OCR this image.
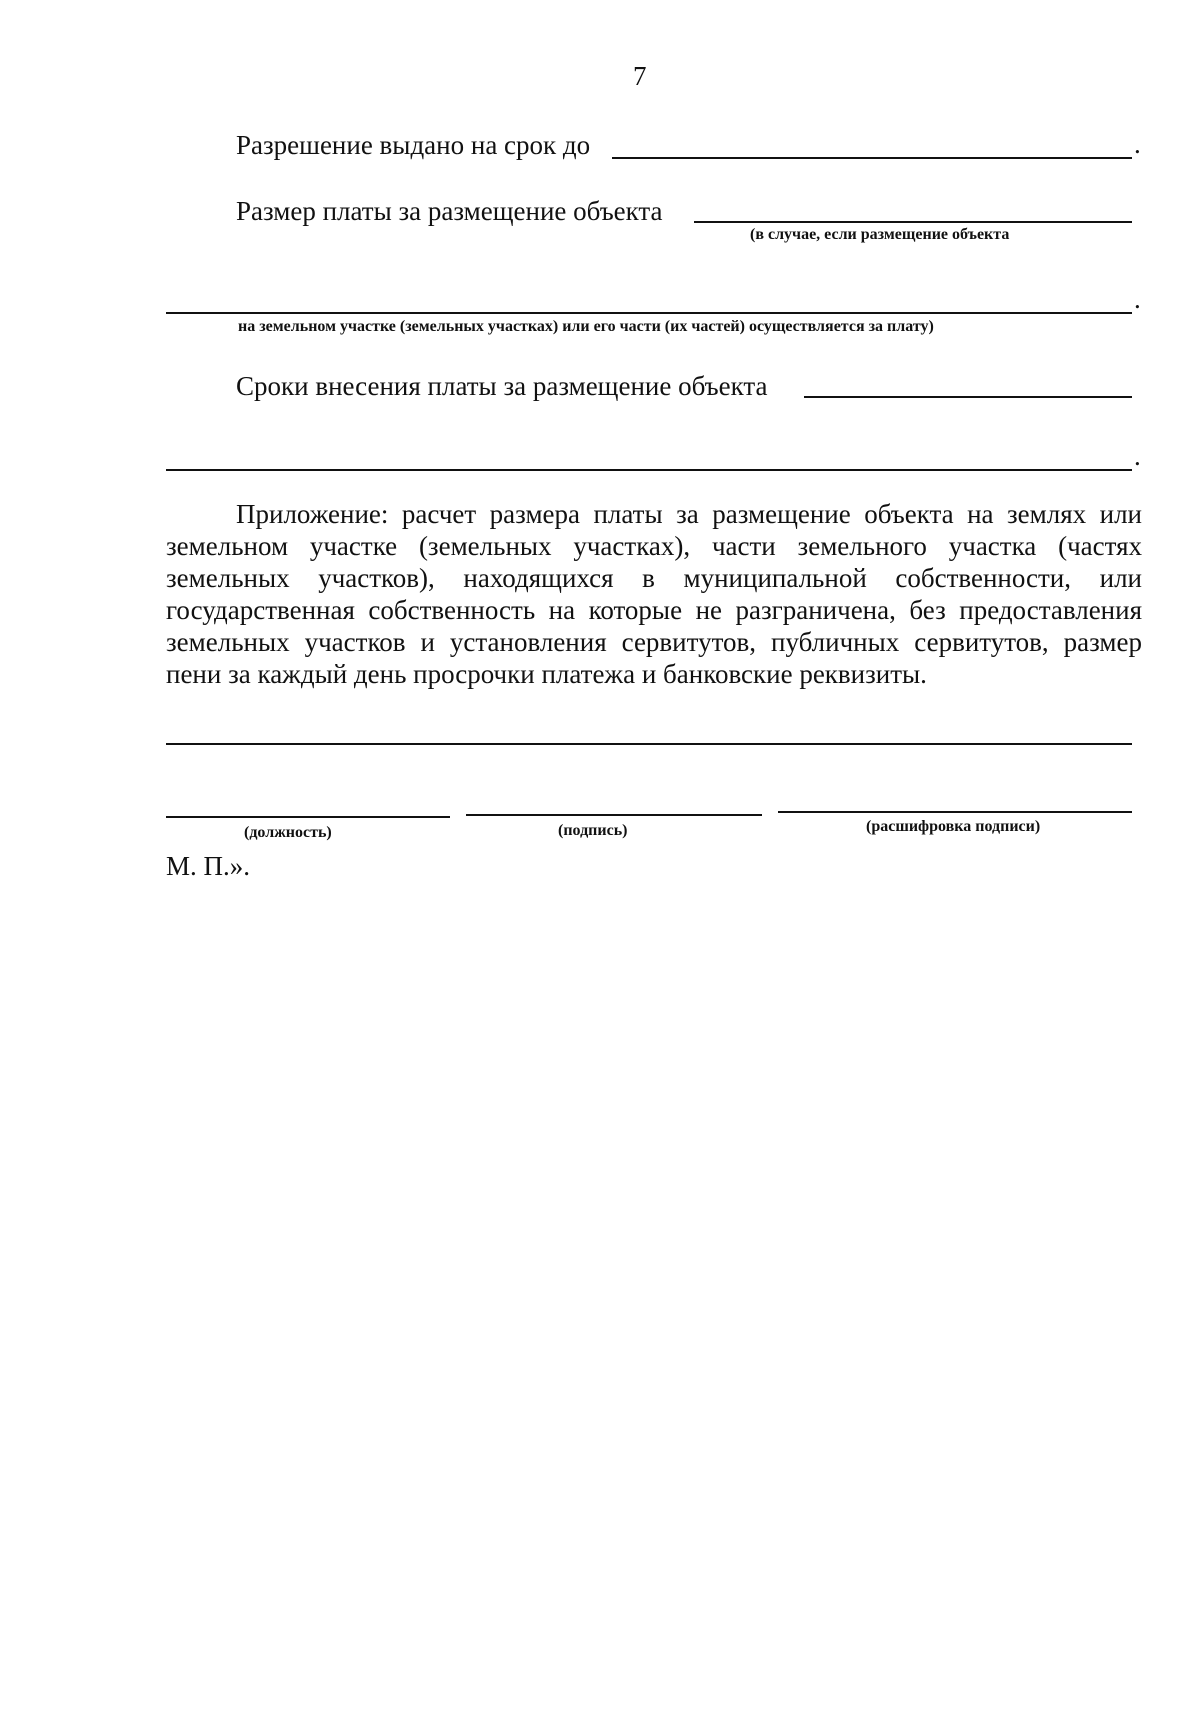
7
Разрешение выдано на срок до	.
Размер платы за размещение объекта
(в случае, если размещение объекта
.
на земельном участке (земельных участках) или его части (их частей) осуществляется за плату)
Сроки внесения платы за размещение объекта
.
Приложение: расчет размера платы за размещение объекта на землях или земельном участке (земельных участках), части земельного участка (частях земельных участков), находящихся в муниципальной собственности, или государственная собственность на которые не разграничена, без предоставления земельных участков и установления сервитутов, публичных сервитутов, размер пени за каждый день просрочки платежа и банковские реквизиты.
(должность)	(подпись)	(расшифровка подписи)
М. П.».
